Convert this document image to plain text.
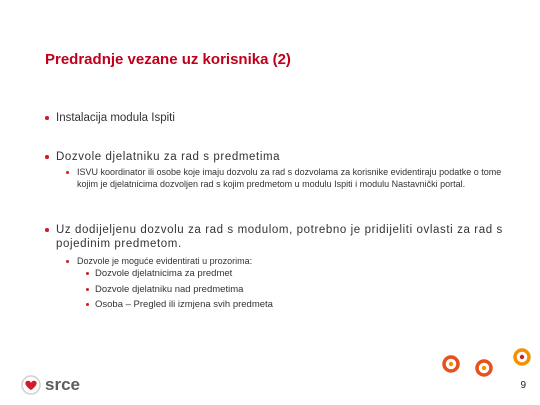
Predradnje vezane uz korisnika (2)
Instalacija modula Ispiti
Dozvole djelatniku za rad s predmetima
ISVU koordinator ili osobe koje imaju dozvolu za rad s dozvolama za korisnike evidentiraju podatke o tome kojim je djelatnicima dozvoljen rad s kojim predmetom u modulu Ispiti i modulu Nastavnički portal.
Uz dodijeljenu dozvolu za rad s modulom, potrebno je pridijeliti ovlasti za rad s pojedinim predmetom.
Dozvole je moguće evidentirati u prozorima:
Dozvole djelatnicima za predmet
Dozvole djelatniku nad predmetima
Osoba – Pregled ili izmjena svih predmeta
srce	9
